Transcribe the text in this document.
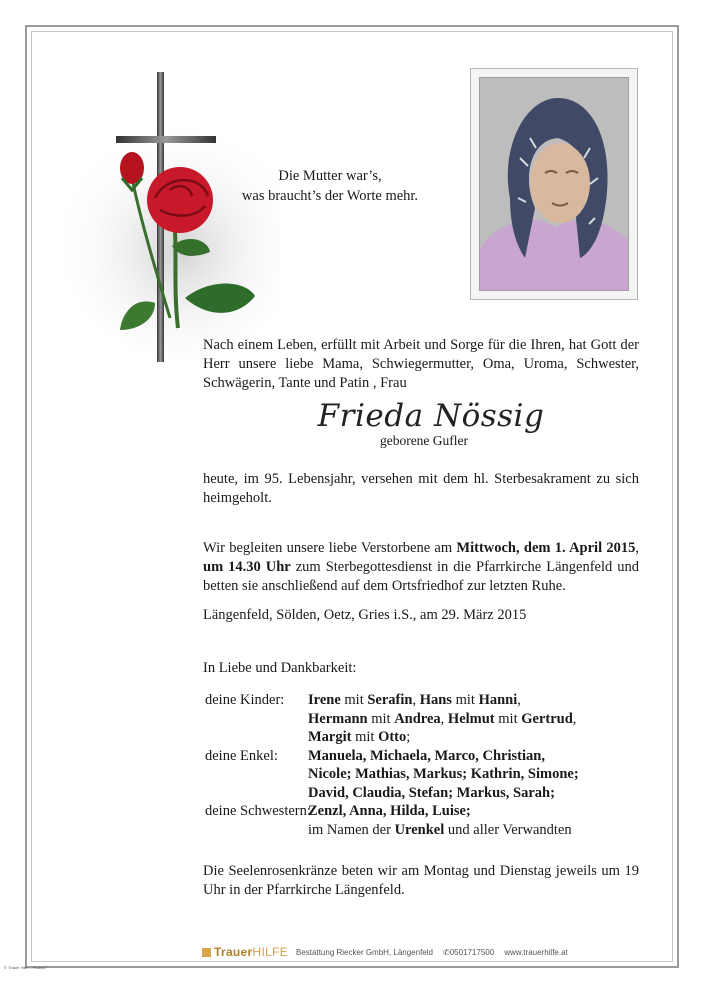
Die Mutter war’s,
was braucht’s der Worte mehr.
Nach einem Leben, erfüllt mit Arbeit und Sorge für die Ihren, hat Gott der Herr unsere liebe Mama, Schwiegermutter, Oma, Uroma, Schwester, Schwägerin, Tante und Patin , Frau
Frieda Nössig
geborene Gufler
heute, im 95. Lebensjahr, versehen mit dem hl. Sterbesakrament zu sich heimgeholt.
Wir begleiten unsere liebe Verstorbene am Mittwoch, dem 1. April 2015, um 14.30 Uhr zum Sterbegottesdienst in die Pfarrkirche Längenfeld und betten sie anschließend auf dem Ortsfriedhof zur letzten Ruhe.
Längenfeld, Sölden, Oetz, Gries i.S., am 29. März 2015
In Liebe und Dankbarkeit:
deine Kinder:	Irene mit Serafin, Hans mit Hanni,
Hermann mit Andrea, Helmut mit Gertrud,
Margit mit Otto;
deine Enkel:	Manuela, Michaela, Marco, Christian,
Nicole; Mathias, Markus; Kathrin, Simone;
David, Claudia, Stefan; Markus, Sarah;
deine Schwestern:
Zenzl, Anna, Hilda, Luise;
im Namen der Urenkel und aller Verwandten
Die Seelenrosenkränze beten wir am Montag und Dienstag jeweils um 19 Uhr in der Pfarrkirche Längenfeld.
TrauerHILFE Bestattung Riecker GmbH, Längenfeld ✆0501717500 www.trauerhilfe.at
© Trauer Hilfe – Rosa07
